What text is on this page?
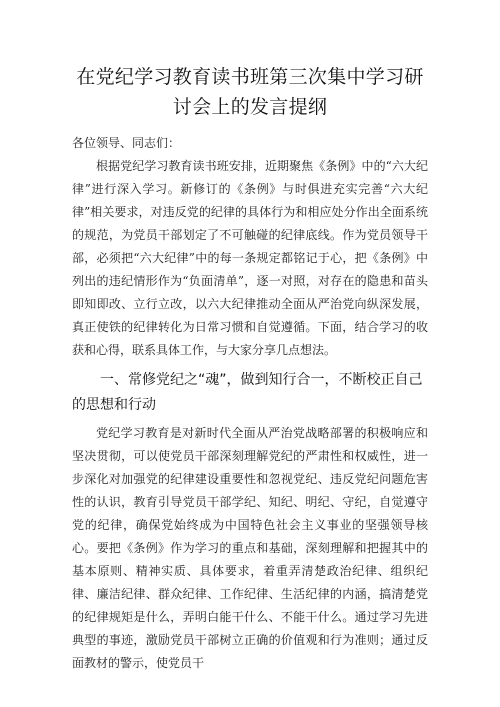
在党纪学习教育读书班第三次集中学习研
讨会上的发言提纲

各位领导、同志们：

根据党纪学习教育读书班安排，近期聚焦《条例》中的“六大纪律”进行深入学习。新修订的《条例》与时俱进充实完善“六大纪律”相关要求，对违反党的纪律的具体行为和相应处分作出全面系统的规范，为党员干部划定了不可触碰的纪律底线。作为党员领导干部，必须把“六大纪律”中的每一条规定都铭记于心，把《条例》中列出的违纪情形作为“负面清单”，逐一对照，对存在的隐患和苗头即知即改、立行立改，以六大纪律推动全面从严治党向纵深发展，真正使铁的纪律转化为日常习惯和自觉遵循。下面，结合学习的收获和心得，联系具体工作，与大家分享几点想法。

一、常修党纪之“魂”，做到知行合一，不断校正自己的思想和行动

党纪学习教育是对新时代全面从严治党战略部署的积极响应和坚决贯彻，可以使党员干部深刻理解党纪的严肃性和权威性，进一步深化对加强党的纪律建设重要性和忽视党纪、违反党纪问题危害性的认识，教育引导党员干部学纪、知纪、明纪、守纪，自觉遵守党的纪律，确保党始终成为中国特色社会主义事业的坚强领导核心。要把《条例》作为学习的重点和基础，深刻理解和把握其中的基本原则、精神实质、具体要求，着重弄清楚政治纪律、组织纪律、廉洁纪律、群众纪律、工作纪律、生活纪律的内涵，搞清楚党的纪律规矩是什么，弄明白能干什么、不能干什么。通过学习先进典型的事迹，激励党员干部树立正确的价值观和行为准则；通过反面教材的警示，使党员干
